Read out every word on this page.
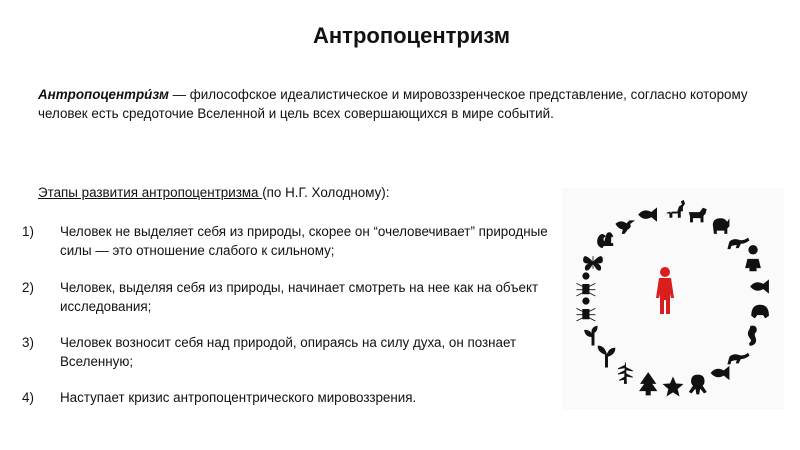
Антропоцентризм
Антропоцентри́зм — философское идеалистическое и мировоззренческое представление, согласно которому человек есть средоточие Вселенной и цель всех совершающихся в мире событий.
Этапы развития антропоцентризма (по Н.Г. Холодному):
1)	Человек не выделяет себя из природы, скорее он “очеловечивает” природные силы — это отношение слабого к сильному;
2)	Человек, выделяя себя из природы, начинает смотреть на нее как на объект исследования;
3)	Человек возносит себя над природой, опираясь на силу духа, он познает Вселенную;
4)	Наступает кризис антропоцентрического мировоззрения.
